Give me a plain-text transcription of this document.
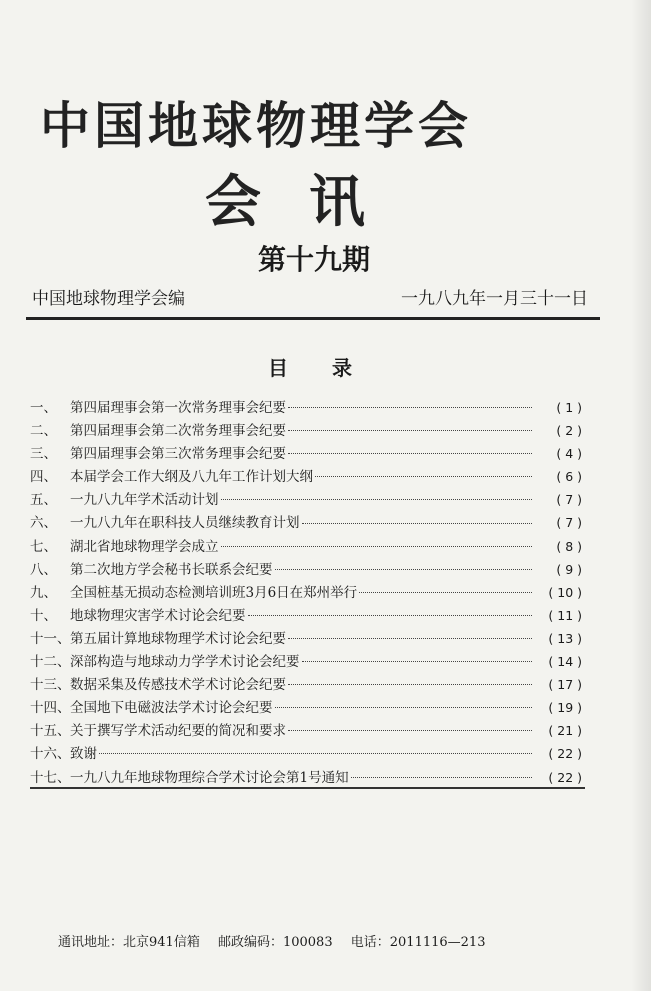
中国地球物理学会
会讯
第十九期
中国地球物理学会编	一九八九年一月三十一日
目录
一、 第四届理事会第一次常务理事会纪要	( 1 )
二、 第四届理事会第二次常务理事会纪要	( 2 )
三、 第四届理事会第三次常务理事会纪要	( 4 )
四、 本届学会工作大纲及八九年工作计划大纲	( 6 )
五、 一九八九年学术活动计划	( 7 )
六、 一九八九年在职科技人员继续教育计划	( 7 )
七、 湖北省地球物理学会成立	( 8 )
八、 第二次地方学会秘书长联系会纪要	( 9 )
九、 全国桩基无损动态检测培训班3月6日在郑州举行	( 10 )
十、 地球物理灾害学术讨论会纪要	( 11 )
十一、 第五届计算地球物理学术讨论会纪要	( 13 )
十二、 深部构造与地球动力学学术讨论会纪要	( 14 )
十三、 数据采集及传感技术学术讨论会纪要	( 17 )
十四、 全国地下电磁波法学术讨论会纪要	( 19 )
十五、 关于撰写学术活动纪要的简况和要求	( 21 )
十六、 致谢	( 22 )
十七、 一九八九年地球物理综合学术讨论会第1号通知	( 22 )
通讯地址：北京941信箱 邮政编码：100083 电话：2011116—213
